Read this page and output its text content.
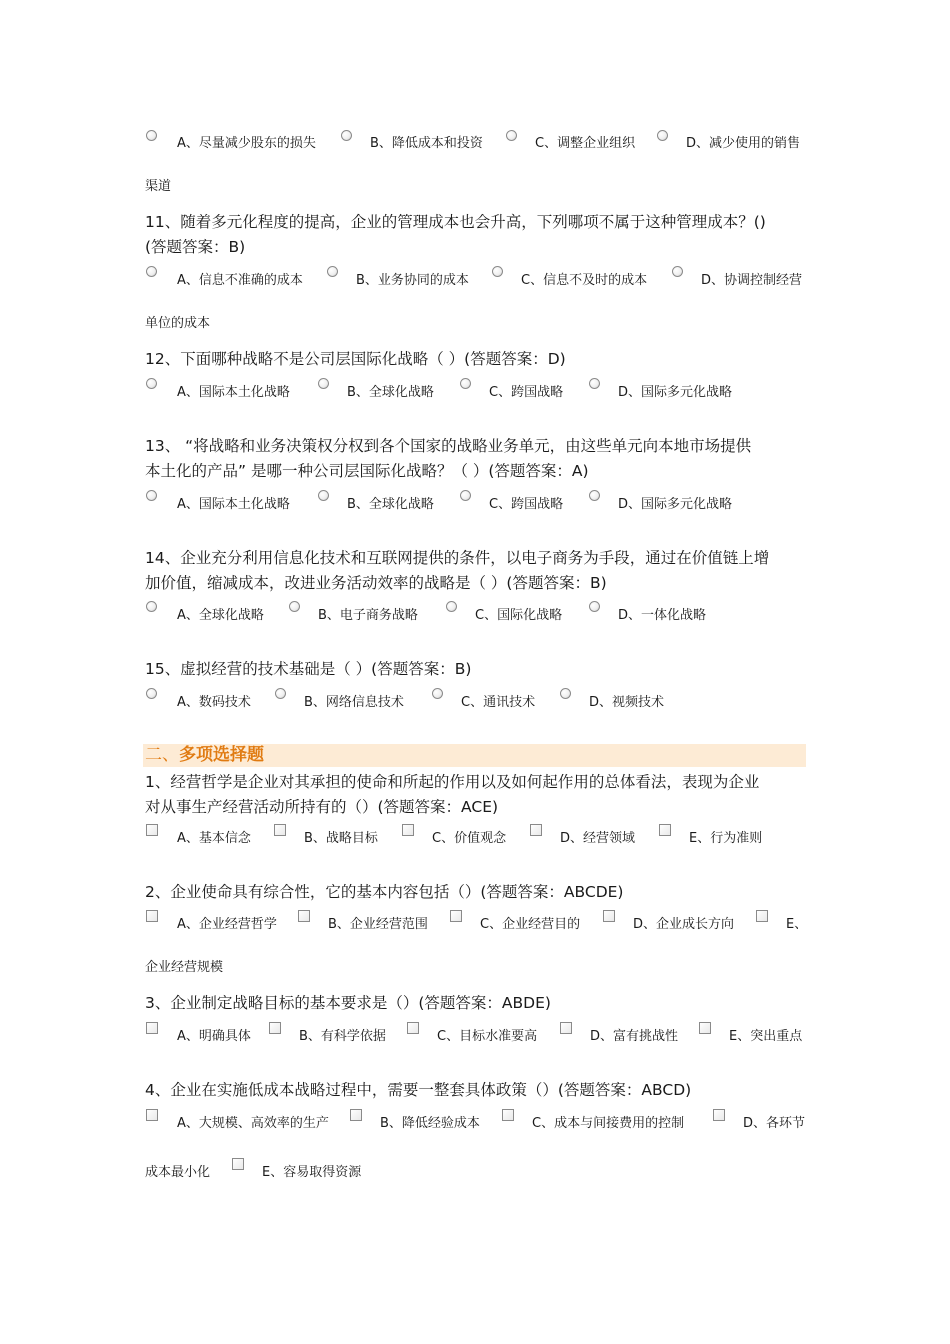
A、尽量减少股东的损失	B、降低成本和投资	C、调整企业组织	D、减少使用的销售
渠道
11、随着多元化程度的提高，企业的管理成本也会升高，下列哪项不属于这种管理成本？()
(答题答案：B)
A、信息不准确的成本	B、业务协同的成本	C、信息不及时的成本	D、协调控制经营
单位的成本
12、下面哪种战略不是公司层国际化战略（ ）(答题答案：D)
A、国际本土化战略	B、全球化战略	C、跨国战略	D、国际多元化战略
13、 “将战略和业务决策权分权到各个国家的战略业务单元，由这些单元向本地市场提供
本土化的产品” 是哪一种公司层国际化战略？（ ）(答题答案：A)
A、国际本土化战略	B、全球化战略	C、跨国战略	D、国际多元化战略
14、企业充分利用信息化技术和互联网提供的条件，以电子商务为手段，通过在价值链上增
加价值，缩减成本，改进业务活动效率的战略是（ ）(答题答案：B)
A、全球化战略	B、电子商务战略	C、国际化战略	D、一体化战略
15、虚拟经营的技术基础是（ ）(答题答案：B)
A、数码技术	B、网络信息技术	C、通讯技术	D、视频技术
二、多项选择题
1、经营哲学是企业对其承担的使命和所起的作用以及如何起作用的总体看法，表现为企业
对从事生产经营活动所持有的（）(答题答案：ACE)
A、基本信念	B、战略目标	C、价值观念	D、经营领域	E、行为准则
2、企业使命具有综合性，它的基本内容包括（）(答题答案：ABCDE)
A、企业经营哲学	B、企业经营范围	C、企业经营目的	D、企业成长方向	E、
企业经营规模
3、企业制定战略目标的基本要求是（）(答题答案：ABDE)
A、明确具体	B、有科学依据	C、目标水准要高	D、富有挑战性	E、突出重点
4、企业在实施低成本战略过程中，需要一整套具体政策（）(答题答案：ABCD)
A、大规模、高效率的生产	B、降低经验成本	C、成本与间接费用的控制	D、各环节
成本最小化	E、容易取得资源
